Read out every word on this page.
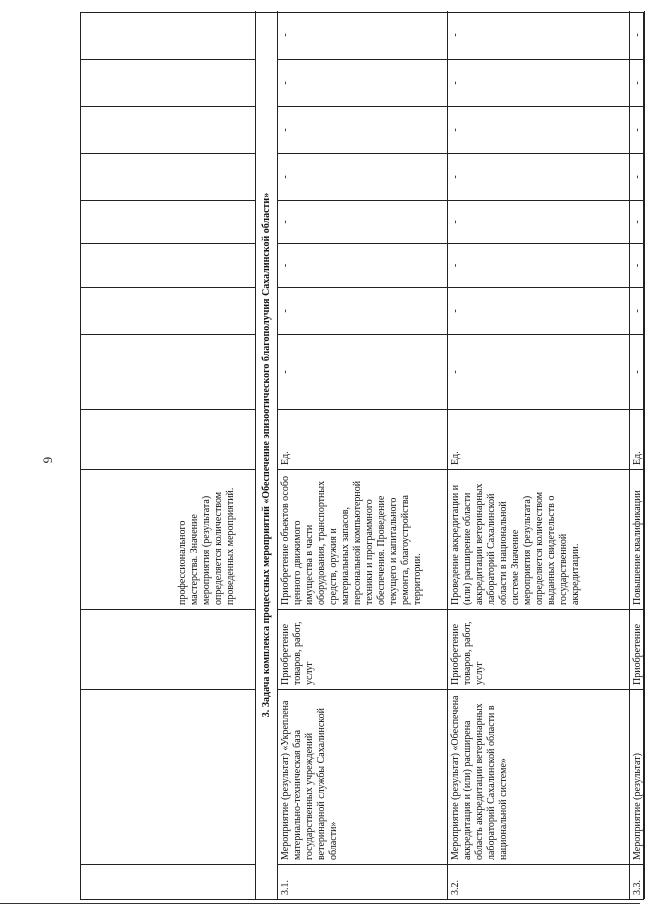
6
профессионального мастерства. Значение мероприятия (результата) определяется количеством проведенных мероприятий.	3. Задача комплекса процессных мероприятий «Обеспечение эпизоотического благополучия Сахалинской области»
3.1.
Мероприятие (результат) «Укреплена материально-техническая база государственных учреждений ветеринарной службы Сахалинской области»
Приобретение товаров, работ, услуг
Приобретение объектов особо ценного движимого имущества в части оборудования, транспортных средств, оружия и материальных запасов, персональной компьютерной техники и программного обеспечения. Проведение текущего и капитального ремонта, благоустройства территории.
Ед.
-
-
-
-
-
-
-
-
3.2.
Мероприятие (результат) «Обеспечена аккредитация и (или) расширена область аккредитации ветеринарных лабораторий Сахалинской области в национальной системе»
Приобретение товаров, работ, услуг
Проведение аккредитации и (или) расширение области аккредитации ветеринарных лабораторий Сахалинской области в национальной системе Значение мероприятия (результата) определяется количеством выданных свидетельств о государственной аккредитации.
Ед.
-
-
-
-
-
-
-
-
3.3.
Мероприятие (результат)
Приобретение
Повышение квалификации
Ед.
-
-
-
-
-
-
-
-
